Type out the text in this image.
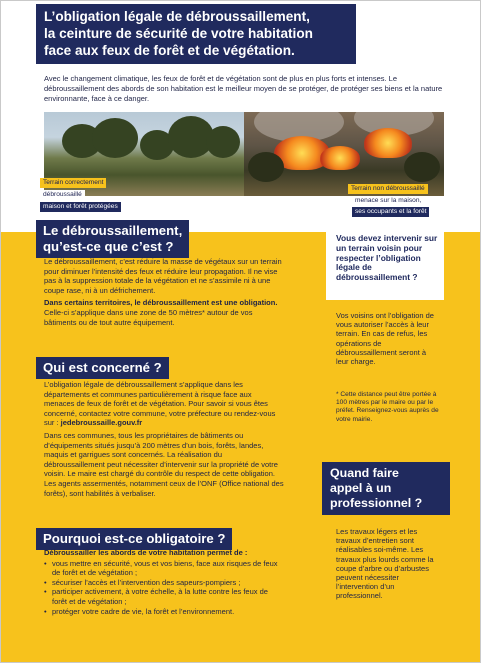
L’obligation légale de débroussaillement,
la ceinture de sécurité de votre habitation
face aux feux de forêt et de végétation.
Avec le changement climatique, les feux de forêt et de végétation sont de plus en plus forts et intenses. Le débroussaillement des abords de son habitation est le meilleur moyen de se protéger, de protéger ses biens et la nature environnante, face à ce danger.
Terrain correctement
débroussaillé
maison et forêt protégées
Terrain non débroussaillé
menace sur la maison,
ses occupants et la forêt
Le débroussaillement,
qu’est-ce que c’est ?

Le débroussaillement, c’est réduire la masse de végétaux sur un terrain pour diminuer l’intensité des feux et réduire leur propagation. Il ne vise pas à la suppression totale de la végétation et ne s’assimile ni à une coupe rase, ni à un défrichement.

Dans certains territoires, le débroussaillement est une obligation.

Celle-ci s’applique dans une zone de 50 mètres* autour de vos bâtiments ou de tout autre équipement.

Vous devez intervenir sur un terrain voisin pour respecter l’obligation légale de débroussaillement ?
Vos voisins ont l’obligation de vous autoriser l’accès à leur terrain. En cas de refus, les opérations de débroussaillement seront à leur charge.
* Cette distance peut être portée à 100 mètres par le maire ou par le préfet. Renseignez-vous auprès de votre mairie.
Qui est concerné ?

L’obligation légale de débroussaillement s’applique dans les départements et communes particulièrement à risque face aux menaces de feux de forêt et de végétation. Pour savoir si vous êtes concerné, contactez votre commune, votre préfecture ou rendez-vous sur : jedebroussaille.gouv.fr

Dans ces communes, tous les propriétaires de bâtiments ou d’équipements situés jusqu’à 200 mètres d’un bois, forêts, landes, maquis et garrigues sont concernés. La réalisation du débroussaillement peut nécessiter d’intervenir sur la propriété de votre voisin. Le maire est chargé du contrôle du respect de cette obligation. Les agents assermentés, notamment ceux de l’ONF (Office national des forêts), sont habilités à verbaliser.

Quand faire
appel à un
professionnel ?
Les travaux légers et les travaux d’entretien sont réalisables soi-même. Les travaux plus lourds comme la coupe d’arbre ou d’arbustes peuvent nécessiter l’intervention d’un professionnel.
Pourquoi est-ce obligatoire ?

Débroussailler les abords de votre habitation permet de :

• vous mettre en sécurité, vous et vos biens, face aux risques de feux de forêt et de végétation ;
• sécuriser l’accès et l’intervention des sapeurs-pompiers ;
• participer activement, à votre échelle, à la lutte contre les feux de forêt et de végétation ;
• protéger votre cadre de vie, la forêt et l’environnement.
